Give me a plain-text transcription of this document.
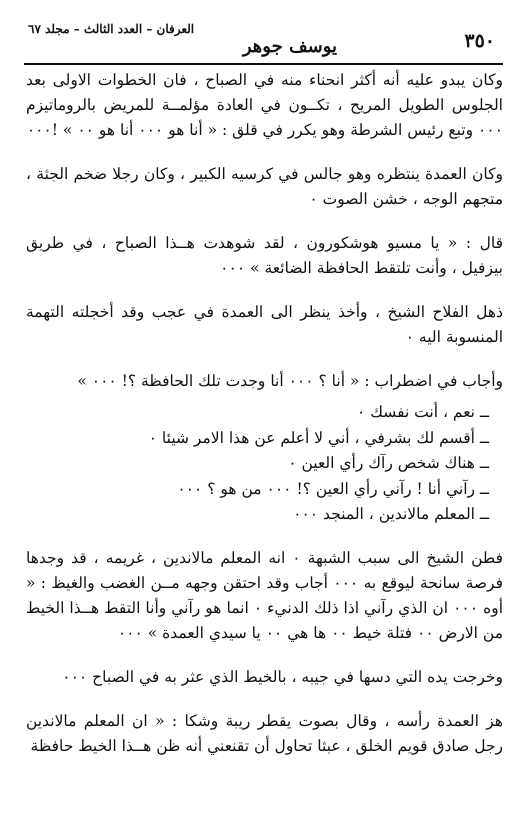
العرفان – العدد الثالث – مجلد ٦٧
يوسف جوهر	٣٥٠

وكان يبدو عليه أنه أكثر انحناء منه في الصباح ، فان الخطوات الاولى بعد الجلوس الطويل المريح ، تكــون في العادة مؤلمــة للمريض بالروماتيزم ٠٠٠ وتبع رئيس الشرطة وهو يكرر في قلق : « أنا هو ٠٠٠ أنا هو ٠٠ » !٠٠٠

وكان العمدة ينتظره وهو جالس في كرسيه الكبير ، وكان رجلا ضخم الجثة ، متجهم الوجه ، خشن الصوت ٠

قال : « يا مسيو هوشكورون ، لقد شوهدت هــذا الصباح ، في طريق بيزفيل ، وأنت تلتقط الحافظة الضائعة » ٠٠٠

ذهل الفلاح الشيخ ، وأخذ ينظر الى العمدة في عجب وقد أخجلته التهمة المنسوبة اليه ٠

وأجاب في اضطراب : « أنا ؟ ٠٠٠ أنا وجدت تلك الحافظة ؟! ٠٠٠ »

ــ نعم ، أنت نفسك ٠
ــ أقسم لك بشرفي ، أني لا أعلم عن هذا الامر شيئا ٠
ــ هناك شخص رآك رأي العين ٠
ــ رآني أنا ! رآني رأي العين ؟! ٠٠٠ من هو ؟ ٠٠٠
ــ المعلم مالاندين ، المنجد ٠٠٠

فطن الشيخ الى سبب الشبهة ٠ انه المعلم مالاندين ، غريمه ، قد وجدها فرصة سانحة ليوقع به ٠٠٠ أجاب وقد احتقن وجهه مــن الغضب والغيظ : « أوه ٠٠٠ ان الذي رآني اذا ذلك الدنيء ٠ انما هو رآني وأنا التقط هــذا الخيط من الارض ٠٠ فتلة خيط ٠٠ ها هي ٠٠ يا سيدي العمدة » ٠٠٠

وخرجت يده التي دسها في جيبه ، بالخيط الذي عثر به في الصباح ٠٠٠

هز العمدة رأسه ، وقال بصوت يقطر ريبة وشكا : « ان المعلم مالاندين رجل صادق قويم الخلق ، عبثا تحاول أن تقنعني أنه ظن هــذا الخيط حافظة
